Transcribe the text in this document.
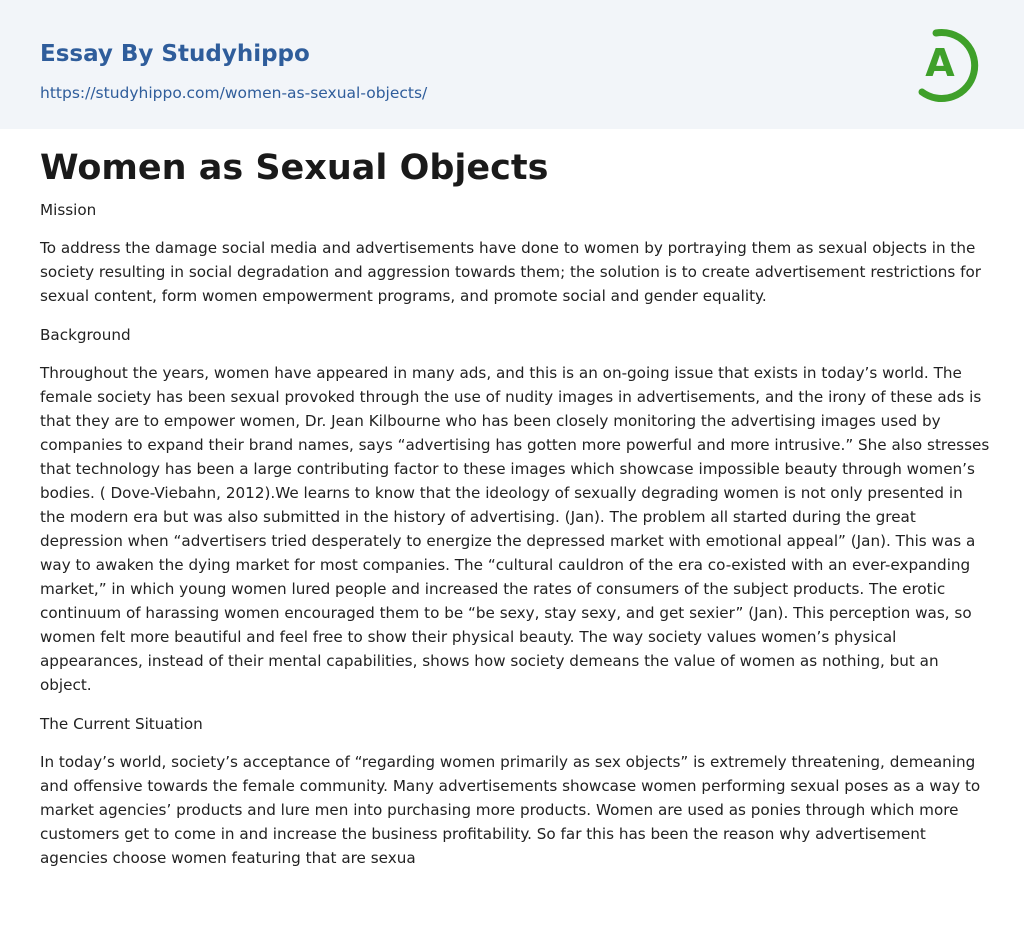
Essay By Studyhippo
https://studyhippo.com/women-as-sexual-objects/
A
Women as Sexual Objects

Mission

To address the damage social media and advertisements have done to women by portraying them as sexual objects in the society resulting in social degradation and aggression towards them; the solution is to create advertisement restrictions for sexual content, form women empowerment programs, and promote social and gender equality.

Background

Throughout the years, women have appeared in many ads, and this is an on-going issue that exists in today’s world. The female society has been sexual provoked through the use of nudity images in advertisements, and the irony of these ads is that they are to empower women, Dr. Jean Kilbourne who has been closely monitoring the advertising images used by companies to expand their brand names, says “advertising has gotten more powerful and more intrusive.” She also stresses that technology has been a large contributing factor to these images which showcase impossible beauty through women’s bodies. ( Dove-Viebahn, 2012).We learns to know that the ideology of sexually degrading women is not only presented in the modern era but was also submitted in the history of advertising. (Jan). The problem all started during the great depression when “advertisers tried desperately to energize the depressed market with emotional appeal” (Jan). This was a way to awaken the dying market for most companies. The “cultural cauldron of the era co-existed with an ever-expanding market,” in which young women lured people and increased the rates of consumers of the subject products. The erotic continuum of harassing women encouraged them to be “be sexy, stay sexy, and get sexier” (Jan). This perception was, so women felt more beautiful and feel free to show their physical beauty. The way society values women’s physical appearances, instead of their mental capabilities, shows how society demeans the value of women as nothing, but an object.

The Current Situation

In today’s world, society’s acceptance of “regarding women primarily as sex objects” is extremely threatening, demeaning and offensive towards the female community. Many advertisements showcase women performing sexual poses as a way to market agencies’ products and lure men into purchasing more products. Women are used as ponies through which more customers get to come in and increase the business profitability. So far this has been the reason why advertisement agencies choose women featuring that are sexua
